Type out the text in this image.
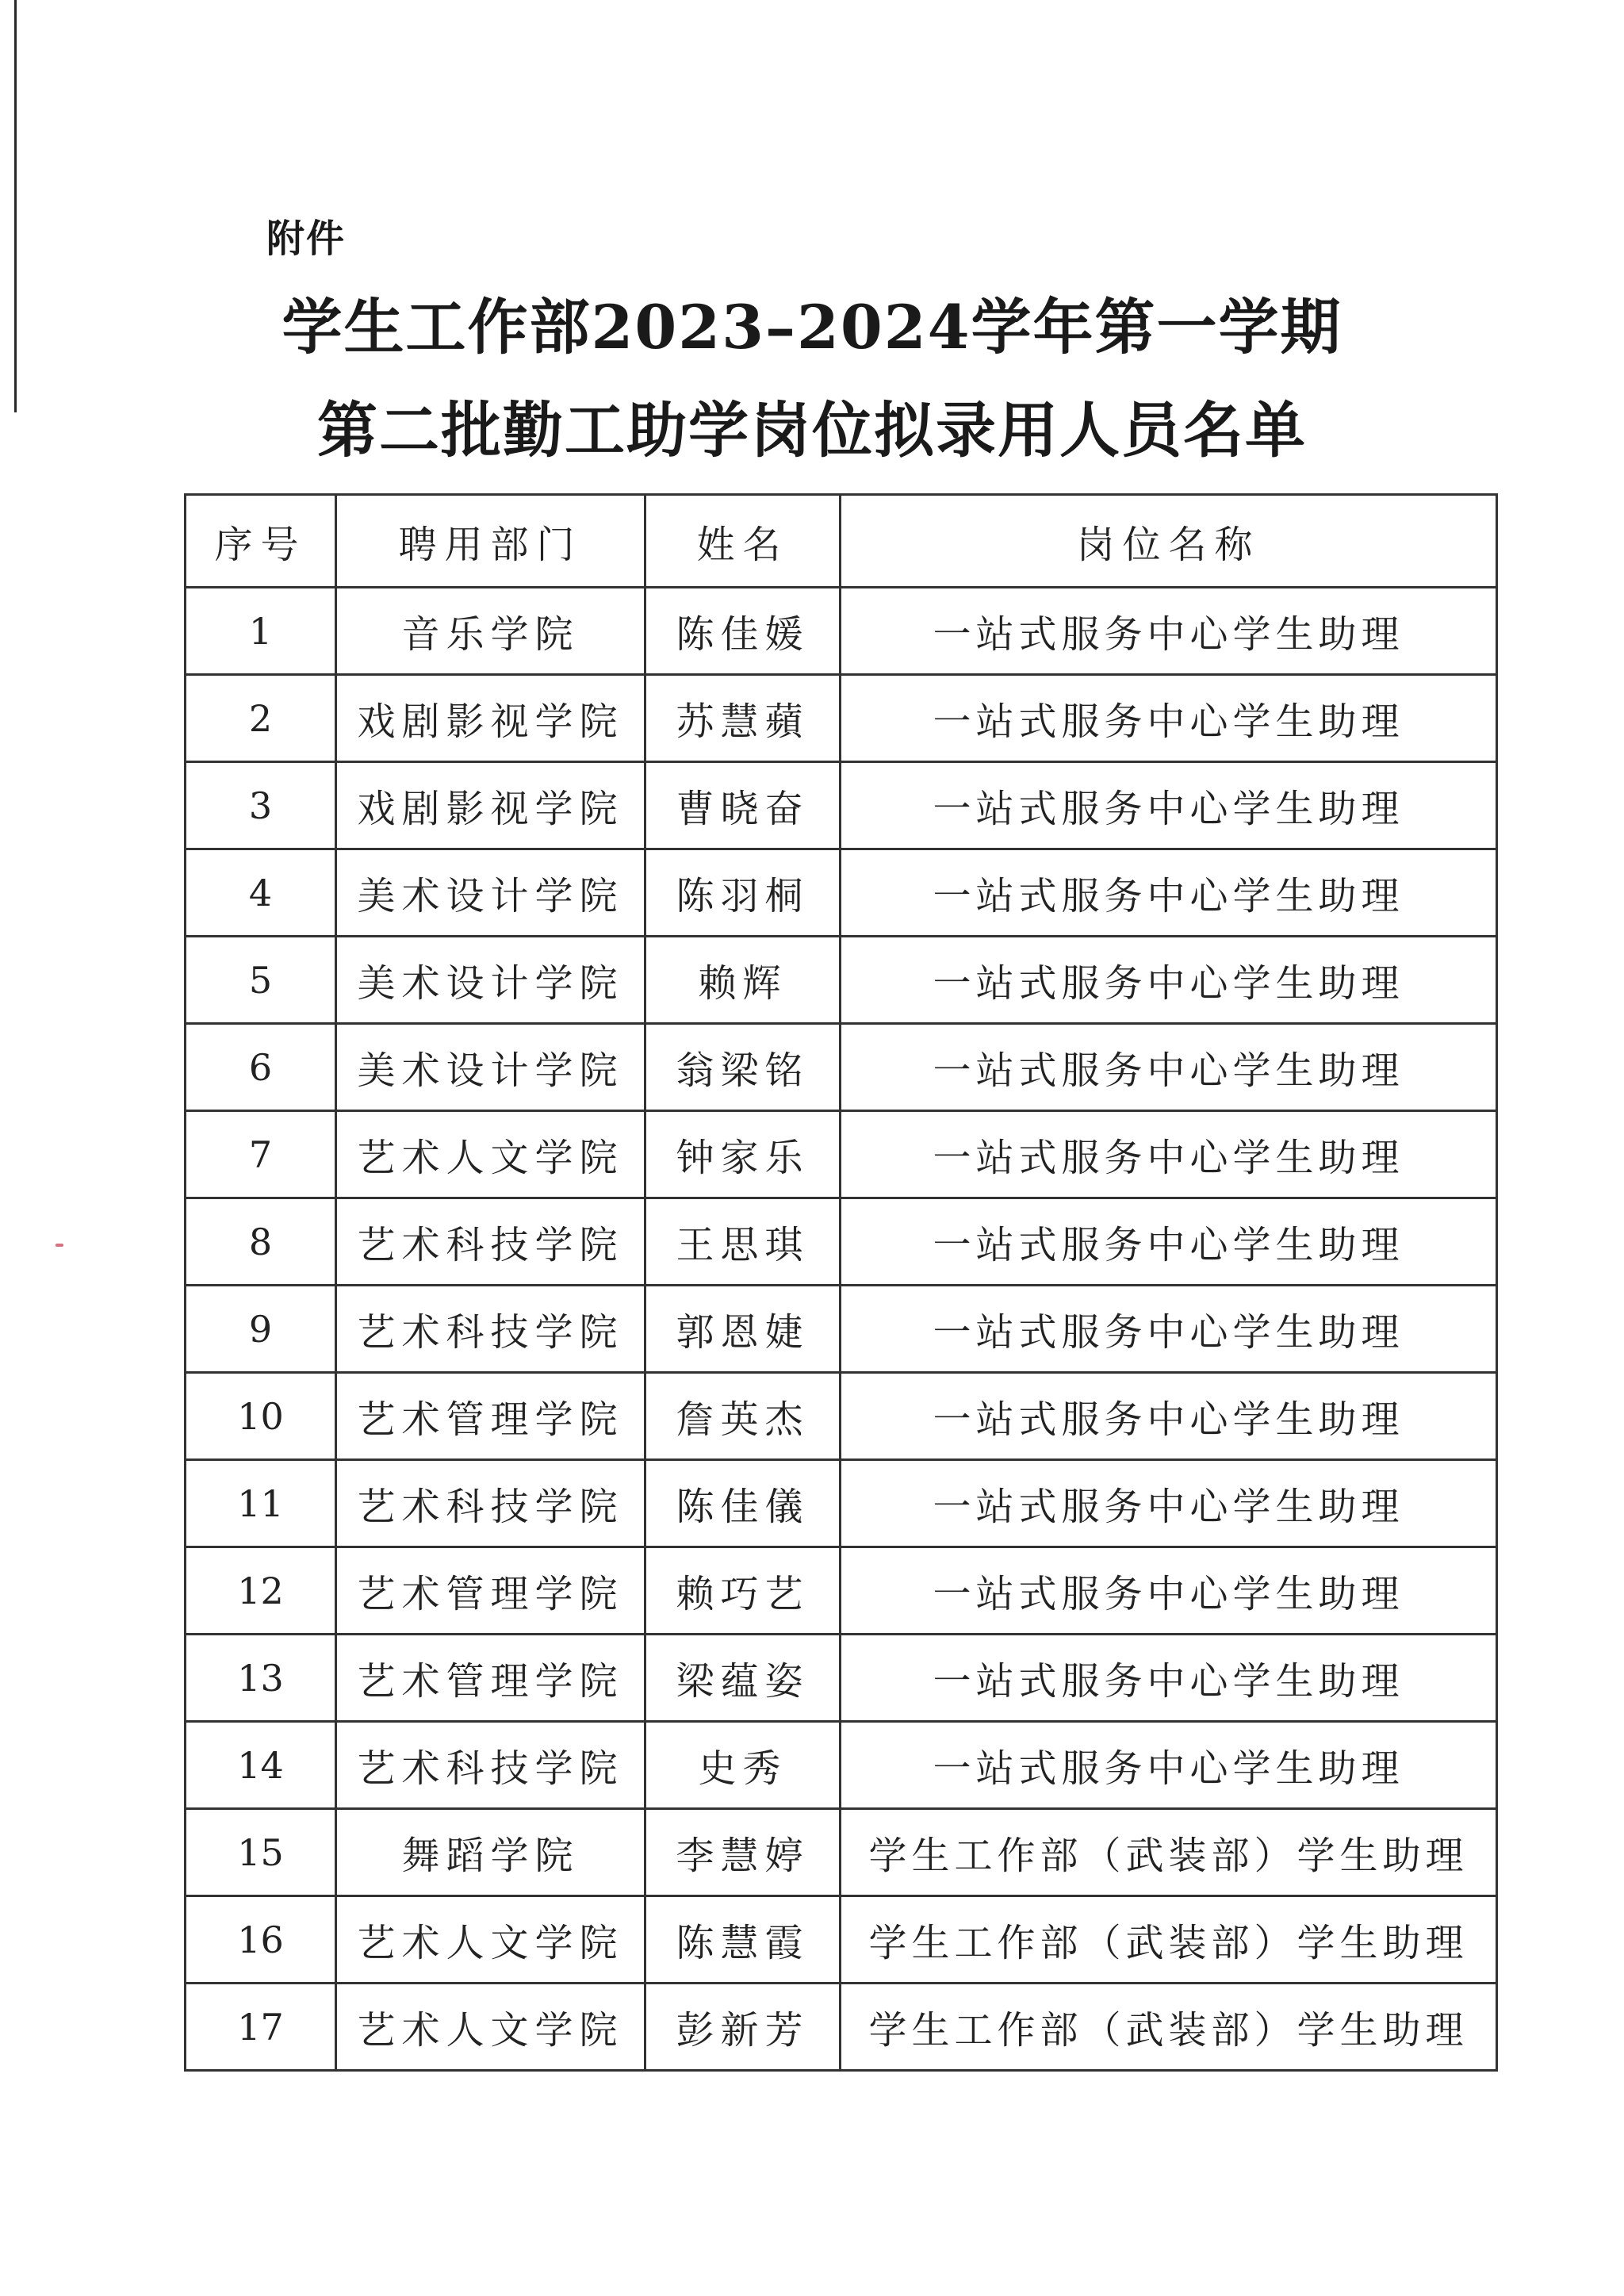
附件
学生工作部2023–2024学年第一学期
第二批勤工助学岗位拟录用人员名单
序号	聘用部门	姓名	岗位名称
1	音乐学院	陈佳媛	一站式服务中心学生助理
2	戏剧影视学院	苏慧蘋	一站式服务中心学生助理
3	戏剧影视学院	曹晓奋	一站式服务中心学生助理
4	美术设计学院	陈羽桐	一站式服务中心学生助理
5	美术设计学院	赖辉	一站式服务中心学生助理
6	美术设计学院	翁梁铭	一站式服务中心学生助理
7	艺术人文学院	钟家乐	一站式服务中心学生助理
8	艺术科技学院	王思琪	一站式服务中心学生助理
9	艺术科技学院	郭恩婕	一站式服务中心学生助理
10	艺术管理学院	詹英杰	一站式服务中心学生助理
11	艺术科技学院	陈佳儀	一站式服务中心学生助理
12	艺术管理学院	赖巧艺	一站式服务中心学生助理
13	艺术管理学院	梁蕴姿	一站式服务中心学生助理
14	艺术科技学院	史秀	一站式服务中心学生助理
15	舞蹈学院	李慧婷	学生工作部（武装部）学生助理
16	艺术人文学院	陈慧霞	学生工作部（武装部）学生助理
17	艺术人文学院	彭新芳	学生工作部（武装部）学生助理
